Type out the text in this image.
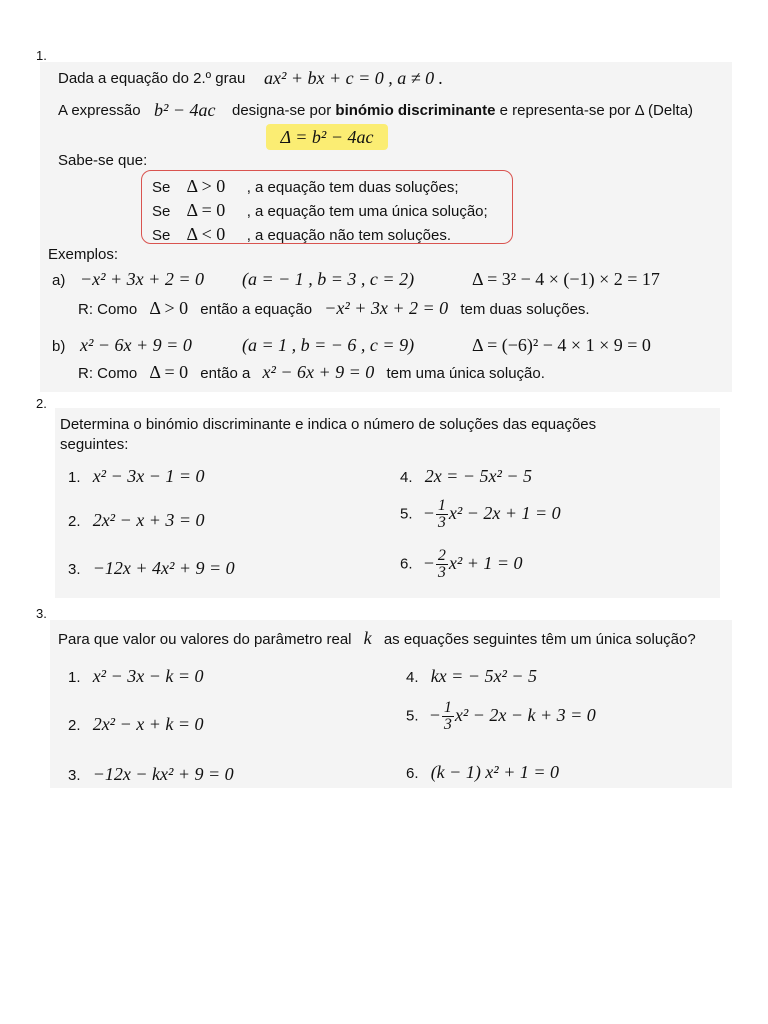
1.
Dada a equação do 2.º grau ax² + bx + c = 0 , a ≠ 0 .
A expressão b² − 4ac designa-se por binómio discriminante e representa-se por Δ (Delta)
Δ = b² − 4ac
Sabe-se que:
Se Δ > 0 , a equação tem duas soluções;
Se Δ = 0 , a equação tem uma única solução;
Se Δ < 0 , a equação não tem soluções.
Exemplos:
a) −x² + 3x + 2 = 0 (a = − 1 , b = 3 , c = 2)	Δ = 3² − 4 × (−1) × 2 = 17
R: Como Δ > 0 então a equação −x² + 3x + 2 = 0 tem duas soluções.
b) x² − 6x + 9 = 0	(a = 1 , b = − 6 , c = 9)	Δ = (−6)² − 4 × 1 × 9 = 0
R: Como Δ = 0 então a x² − 6x + 9 = 0 tem uma única solução.
2.
Determina o binómio discriminante e indica o número de soluções das equações
seguintes:
1. x² − 3x − 1 = 0
2. 2x² − x + 3 = 0
3. −12x + 4x² + 9 = 0
4. 2x = − 5x² − 5
5. − $\frac{1}{3} x^2 - 2x + 1 = 0$
6. − $\frac{2}{3} x^2 + 1 = 0$
3.
Para que valor ou valores do parâmetro real k as equações seguintes têm um única solução?
1. x² − 3x − k = 0
2. 2x² − x + k = 0
3. −12x − kx² + 9 = 0
4. kx = − 5x² − 5
5. − $\frac{1}{3} x^2 - 2x - k + 3 = 0$
6. (k − 1) x² + 1 = 0
